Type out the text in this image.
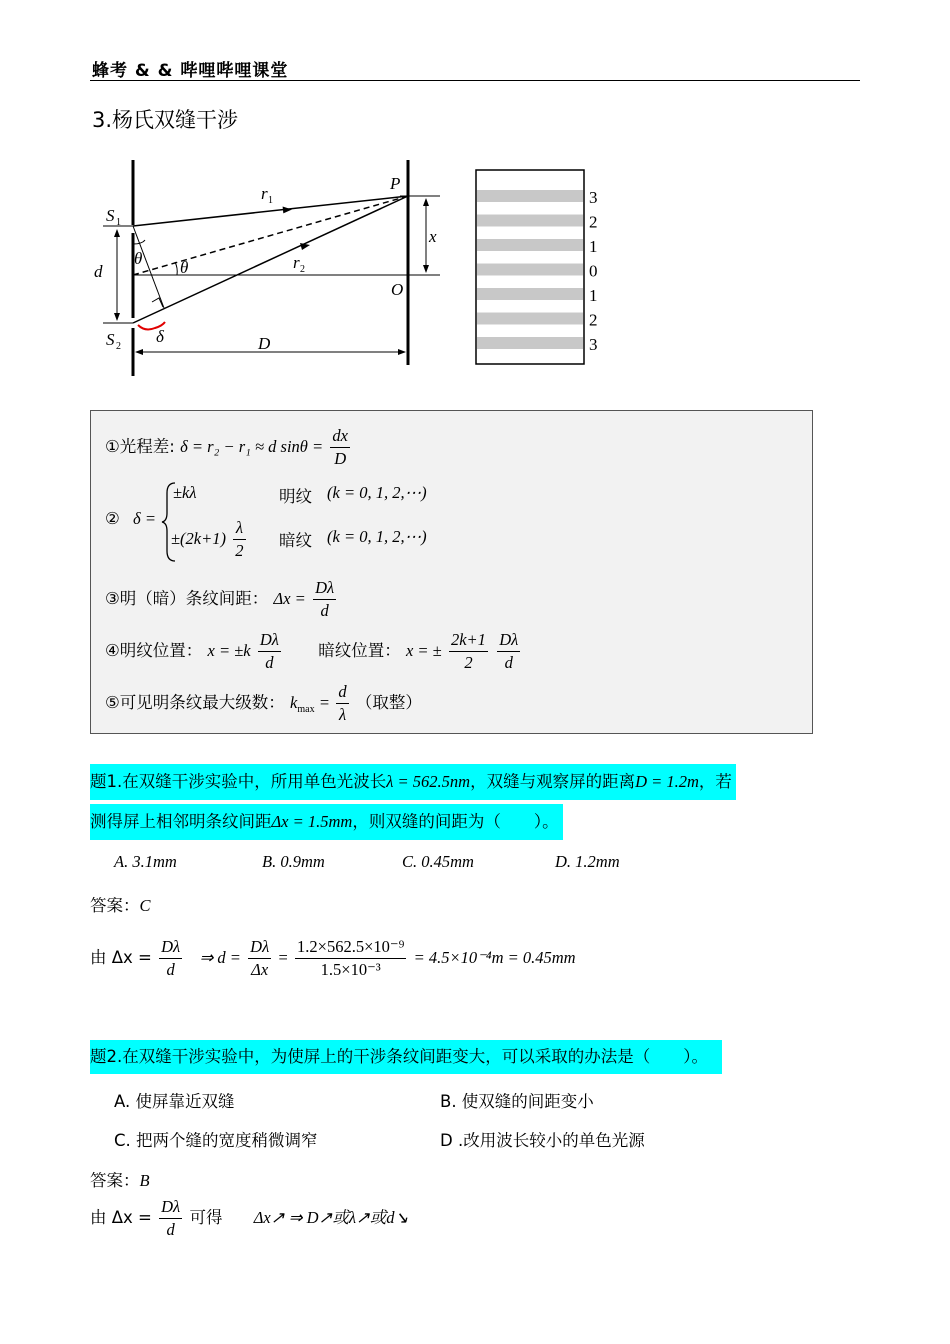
蜂考 & & 哔哩哔哩课堂
3.杨氏双缝干涉
P
S 1
S 2
r 1
r 2
x
d
θ θ
O
δ	D
3
2
1
0
1
2
3
①光程差: δ = r₂ − r₁ ≈ d $\sin\theta = \frac{dx}{D}$
② δ =
±kλ	明纹 (k = 0, 1, 2,⋯)
$\pm(2k+1) \frac{\lambda}{2}$ 暗纹 (k = 0, 1, 2,⋯)
③明（暗）条纹间距： $\Delta x = \frac{D\lambda}{d}$
④明纹位置： $x = \pm k \frac{D\lambda}{d}$ 暗纹位置： x = ± $\frac{2k+1}{2}$
$\frac{D\lambda}{d}$
⑤可见明条纹最大级数： $k_{max} = \frac{d}{\lambda}$ （取整）
题1.在双缝干涉实验中，所用单色光波长λ = 562.5nm，双缝与观察屏的距离D = 1.2m，若
测得屏上相邻明条纹间距Δx = 1.5mm，则双缝的间距为（　　）。
A. 3.1mm	B. 0.9mm	C. 0.45mm	D. 1.2mm
答案：C
由 $\Delta x = \frac{D\lambda}{d}$ ⇒ $d = \frac{D\lambda}{\Delta x} = \frac{\text{1.2×562.5×10⁻⁹}}{\text{1.5×10⁻³}} = 4.5\times 10^{-4}m = 0.45mm$
题2.在双缝干涉实验中，为使屏上的干涉条纹间距变大，可以采取的办法是（　　）。
A. 使屏靠近双缝	B. 使双缝的间距变小
C. 把两个缝的宽度稍微调窄	D .改用波长较小的单色光源
答案：B
由 $\Delta x = \frac{D\lambda}{d}$ 可得 Δx↗ ⇒ D↗或λ↗或d↘
